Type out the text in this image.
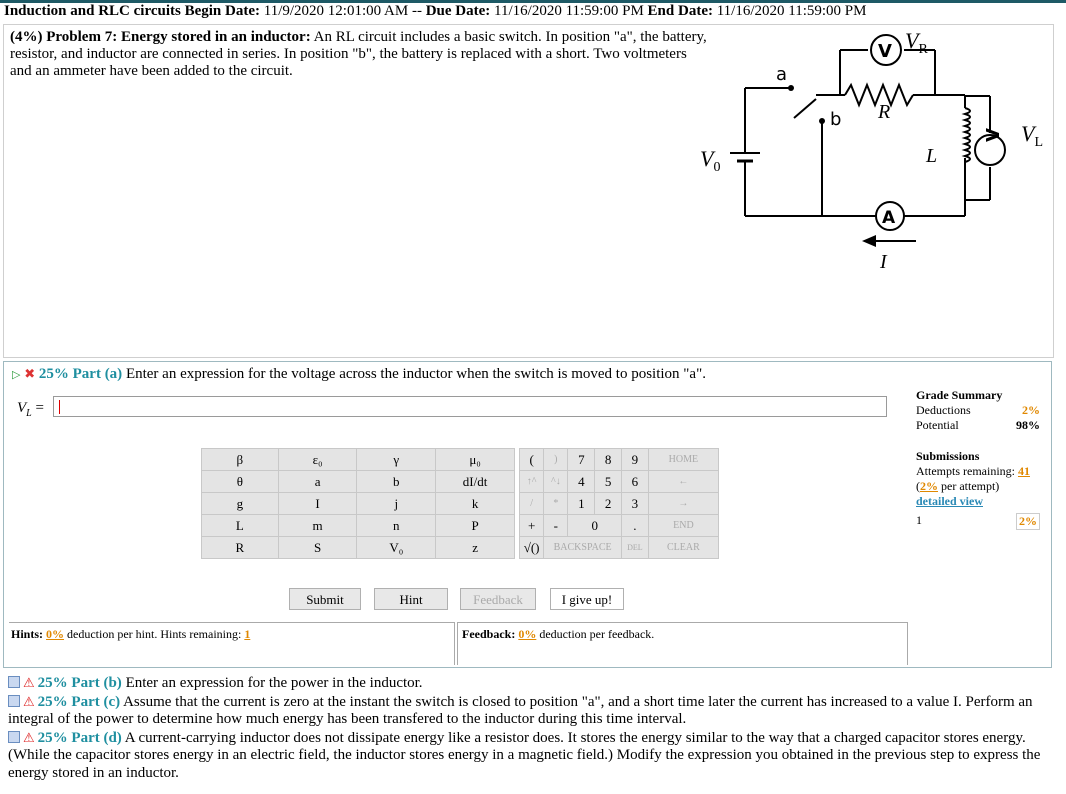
Induction and RLC circuits Begin Date: 11/9/2020 12:01:00 AM -- Due Date: 11/16/2020 11:59:00 PM End Date: 11/16/2020 11:59:00 PM
(4%) Problem 7: Energy stored in an inductor: An RL circuit includes a basic switch. In position "a", the battery, resistor, and inductor are connected in series. In position "b", the battery is replaced with a short. Two voltmeters and an ammeter have been added to the circuit.	a
b R
L
$V_0$
$V_R$
$V_L$
I
V
V
A
▷ ✖ 25% Part (a) Enter an expression for the voltage across the inductor when the switch is moved to position "a".
$V_L$ =
Grade Summary
Deductions	2%
Potential	98%
Submissions
Attempts remaining: 41
(2% per attempt)
detailed view
1	2%
β	ε₀	γ	μ₀
θ	a	b	dI/dt
g	I	j	k
L	m	n	P
R	S	V₀	z
(	)	7	8	9	HOME
↑^	^↓	4	5	6	←
/	*	1	2	3	→
+	-	0		.	END
√()	BACKSPACE			DEL	CLEAR
Submit	Hint	Feedback	I give up!
Hints: 0% deduction per hint. Hints remaining: 1	Feedback: 0% deduction per feedback.
⚠ 25% Part (b) Enter an expression for the power in the inductor.
⚠ 25% Part (c) Assume that the current is zero at the instant the switch is closed to position "a", and a short time later the current has increased to a value I. Perform an integral of the power to determine how much energy has been transfered to the inductor during this time interval.
⚠ 25% Part (d) A current-carrying inductor does not dissipate energy like a resistor does. It stores the energy similar to the way that a charged capacitor stores energy. (While the capacitor stores energy in an electric field, the inductor stores energy in a magnetic field.) Modify the expression you obtained in the previous step to express the energy stored in an inductor.
